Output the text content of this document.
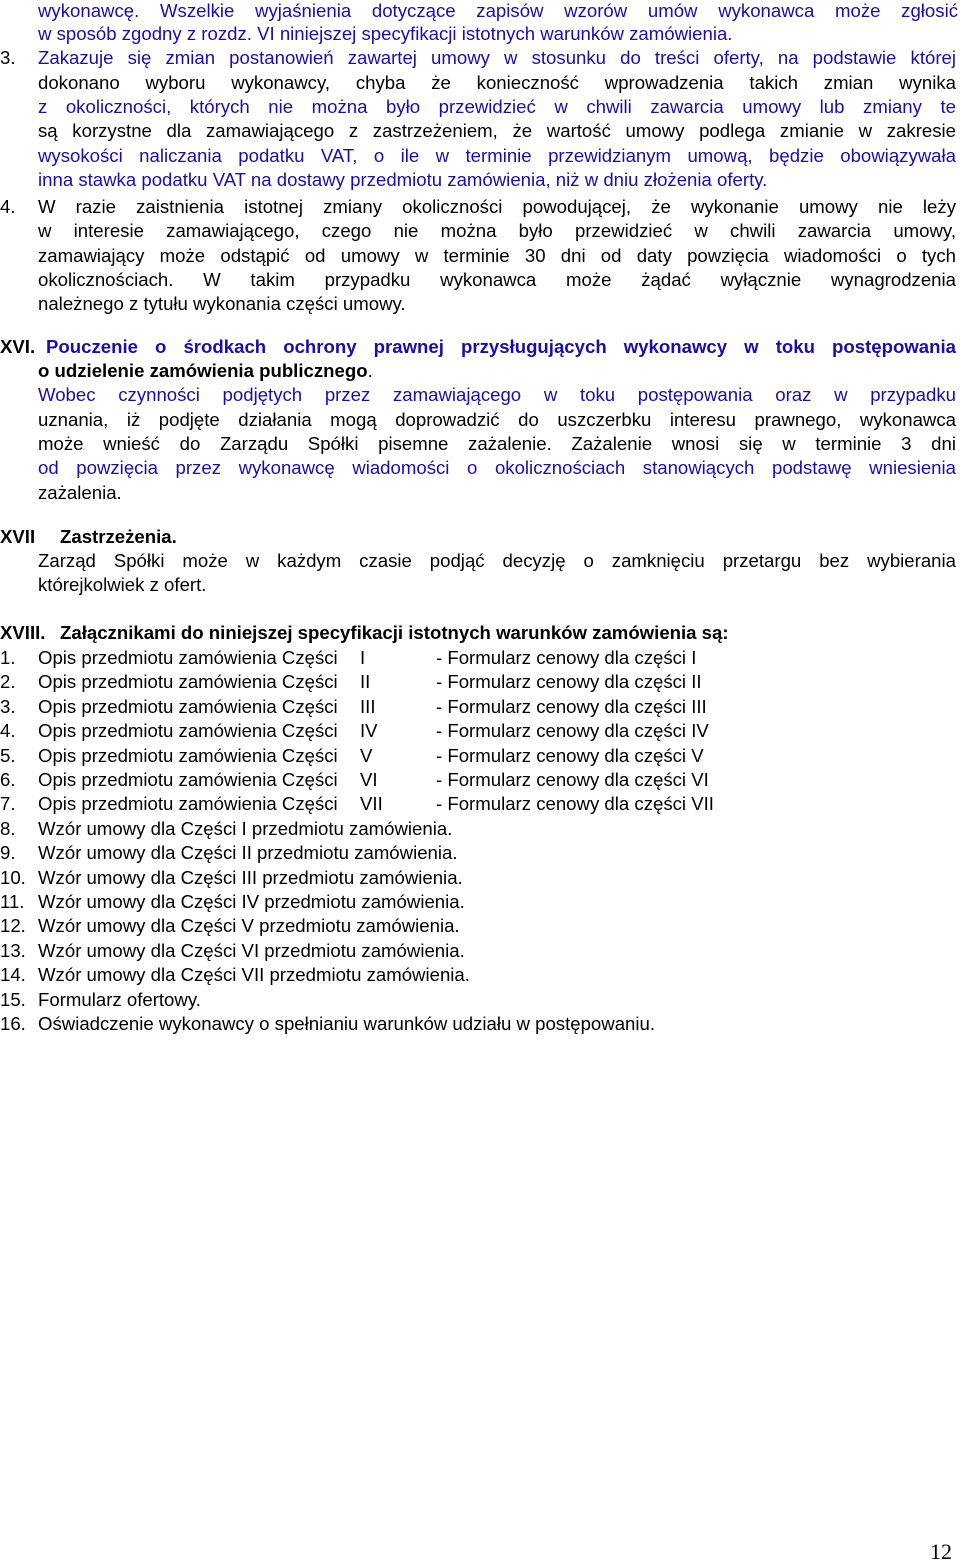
wykonawcę. Wszelkie wyjaśnienia dotyczące zapisów wzorów umów wykonawca może zgłosić
w sposób zgodny z rozdz. VI niniejszej specyfikacji istotnych warunków zamówienia.
3. Zakazuje się zmian postanowień zawartej umowy w stosunku do treści oferty, na podstawie której
dokonano wyboru wykonawcy, chyba że konieczność wprowadzenia takich zmian wynika
z okoliczności, których nie można było przewidzieć w chwili zawarcia umowy lub zmiany te
są korzystne dla zamawiającego z zastrzeżeniem, że wartość umowy podlega zmianie w zakresie
wysokości naliczania podatku VAT, o ile w terminie przewidzianym umową, będzie obowiązywała
inna stawka podatku VAT na dostawy przedmiotu zamówienia, niż w dniu złożenia oferty.
4. W razie zaistnienia istotnej zmiany okoliczności powodującej, że wykonanie umowy nie leży
w interesie zamawiającego, czego nie można było przewidzieć w chwili zawarcia umowy,
zamawiający może odstąpić od umowy w terminie 30 dni od daty powzięcia wiadomości o tych
okolicznościach. W takim przypadku wykonawca może żądać wyłącznie wynagrodzenia
należnego z tytułu wykonania części umowy.
XVI. Pouczenie o środkach ochrony prawnej przysługujących wykonawcy w toku postępowania
o udzielenie zamówienia publicznego.
Wobec czynności podjętych przez zamawiającego w toku postępowania oraz w przypadku
uznania, iż podjęte działania mogą doprowadzić do uszczerbku interesu prawnego, wykonawca
może wnieść do Zarządu Spółki pisemne zażalenie. Zażalenie wnosi się w terminie 3 dni
od powzięcia przez wykonawcę wiadomości o okolicznościach stanowiących podstawę wniesienia
zażalenia.
XVII Zastrzeżenia.
Zarząd Spółki może w każdym czasie podjąć decyzję o zamknięciu przetargu bez wybierania
którejkolwiek z ofert.
XVIII. Załącznikami do niniejszej specyfikacji istotnych warunków zamówienia są:
1. Opis przedmiotu zamówienia Części I	- Formularz cenowy dla części I
2. Opis przedmiotu zamówienia Części II	- Formularz cenowy dla części II
3. Opis przedmiotu zamówienia Części III	- Formularz cenowy dla części III
4. Opis przedmiotu zamówienia Części IV	- Formularz cenowy dla części IV
5. Opis przedmiotu zamówienia Części V	- Formularz cenowy dla części V
6. Opis przedmiotu zamówienia Części VI	- Formularz cenowy dla części VI
7. Opis przedmiotu zamówienia Części VII	- Formularz cenowy dla części VII
8. Wzór umowy dla Części I przedmiotu zamówienia.
9. Wzór umowy dla Części II przedmiotu zamówienia.
10. Wzór umowy dla Części III przedmiotu zamówienia.
11. Wzór umowy dla Części IV przedmiotu zamówienia.
12. Wzór umowy dla Części V przedmiotu zamówienia.
13. Wzór umowy dla Części VI przedmiotu zamówienia.
14. Wzór umowy dla Części VII przedmiotu zamówienia.
15. Formularz ofertowy.
16. Oświadczenie wykonawcy o spełnianiu warunków udziału w postępowaniu.
12
